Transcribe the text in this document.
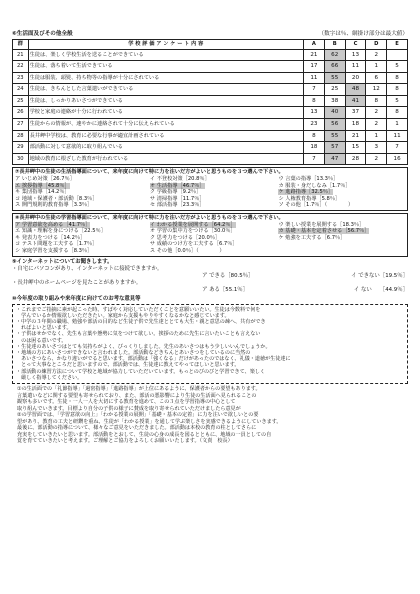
⑥生活面及びその他全般	（数字は％、網掛け部分は最大値）
群	学 校 評 価 ア ン ケ ー ト 内 容	A	B	C	D	E
21	生徒は、楽しく学校生活を送ることができている	21	62	13	2	
22	生徒は、落ち着いて生活できている	17	66	11	1	5
23	生徒は服装、頭髪、持ち物等の指導が十分にされている	11	55	20	6	8
24	生徒は、きちんとした言葉遣いができている	7	25	48	12	8
25	生徒は、しっかりあいさつができている	8	38	41	8	5
26	学校と家庭の連絡が十分に行われている	13	40	37	2	8
27	生徒からの情報が、速やかに連絡されて十分に伝えられている	23	56	18	2	1
28	長井岬中学校は、教育に必要な行事が適宜計画されている	8	55	21	1	11
29	部活動に対して意欲的に取り組んでいる	18	57	15	3	7
30	地域の教育に根ざした教育が行われている	7	47	28	2	16
⑦長井岬中の生徒の生活指導面について、来年度に向けて特に力を注いだ方がよいと思うものを３つ選んで下さい。
ア いじめ対策［26.7％］	イ 不登校対策［20.8％］	ウ 言葉の指導［13.3％］
エ 挨拶指導［45.8％］	オ 生活指導［46.7％］	カ 服装・身だしなみ［1.7％］
キ 集団指導［14.2％］	ク 学級指導［9.2％］	ケ 進路指導［32.5％］
コ 地域・保護者・部活動［8.3％］	サ 清掃指導［11.7％］	シ 人権教育指導［5.8％］
ス 開門規則的教育指導［3.3％］	セ 部活指導［23.3％］	ソ その他［1.7％］（　　　　）
⑧長井岬中の生徒の学習指導面について、来年度に向けて特に力を注いだ方がよいと思うものを３つ選んで下さい。
ア 学習意欲を高める［41.7％］	イ わかる授業を展開する［64.2％］	ウ 楽しい授業を展開する［18.3％］
エ 知識・理解を身につける［22.5％］	オ 学習の集中力をつける［30.0％］	カ 基礎・基本を定着させる［56.7％］
キ 発表力をつける［14.2％］	ク 思考力をつける［20.0％］	ケ 勉強を工夫する［6.7％］
コ テスト問題を工夫する［1.7％］	サ 成績のつけ方を工夫する［6.7％］
シ 家庭学習を支援する［8.3％］	ス その他［0.0％］（　　　　）
⑨インターネットについてお聞きします。
・自宅にパソコンがあり、インターネットに接続できますか。
ア できる［80.5％］	イ できない［19.5％］
・長井岬中のホームページを見たことがありますか。
ア ある［55.1％］	イ ない　　［44.9％］
⑩今年度の取り組みや来年度に向けてのお考な意見等

・これまでご指摘に素が起こった時、すばやく対応していただくことを意願いいたい。生徒は今数料で何を

　学んでいるか情報欲しいただきたい。家庭から支援もやりやすくなるかなと感じています。

・中学の３年間の職場、勉強や部活の目的など生徒子供で先生達ととても大生・親と意思の疎へ、共有ができ

　ればよいと思います。

・子供はせかでなく、先生も言葉や態勢に気をつけて欲しい。挨拶のために先生に言いたいことも言えない

　のは困る意いです。

・生徒達のあいさつはとても気持ちがよく、びっくりしました。先生のあいさつはもう少しいいんでしょうか。

・地域の方にあいさつができないと言われました。部活動などきちんとあいさつをしているのに当然の

　あいさつなら、かなり違いがでると思います。部活動は「強くなる」だけがあったのではなく、礼儀・道徳が生徒達に

　とって大事なところだと思いますので、部活動では、生徒達に教えてやってほしいと思います。

・部活動の練習方法について学校と地域が協力していただいています。もっとのびのびと学習できて、楽しく

　厳しく指導してください。

①の生活面での「礼節指導」「過密指導」「進路指導」が上位にあるように、保護者からの要望もあります。

言葉遣いなどに関する要望も寄せられており、また、部活の悪影響により生徒の生活面へ見られることの

観察も多いです。生徒・一人一人を大切にする教育を進めて、この３点を学習指導の中心として

取り組んでいきます。目標より自分の子供の様子に賛成を取り寄せられていただけましたら意見が

②の学習面では、「学習意欲の向上」「わかる授業の展開」「基礎・基本の定着」に力を注いで欲しいとの要

望があり、教育の工夫と研鑽を重ね、生徒が「わかる授業」を通して学ぶ楽しさを実感できるようにしていきます。

最後に、部活動の指導について、様々なご意見をいただきました。部活動は本校の教育の柱としてさらに

充実をしていきたいと思います。部活動をとおして、生徒の心身の成長を図るとともに、地域の一員としての自

覚を育てていきたいと考えます。ご理解とご協力をよろしくお願いいたします。（文責　校長）
